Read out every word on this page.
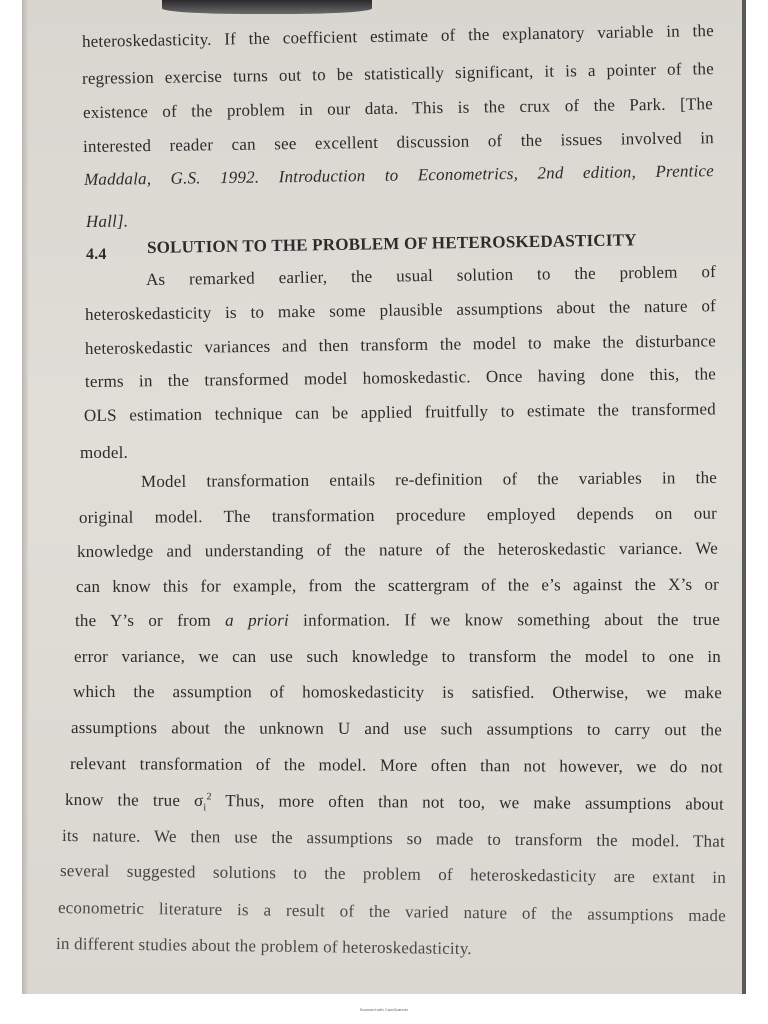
heteroskedasticity. If the coefficient estimate of the explanatory variable in the
regression exercise turns out to be statistically significant, it is a pointer of the
existence of the problem in our data. This is the crux of the Park. [The
interested reader can see excellent discussion of the issues involved in
Maddala, G.S. 1992. Introduction to Econometrics, 2nd edition, Prentice
Hall].
4.4 SOLUTION TO THE PROBLEM OF HETEROSKEDASTICITY
As remarked earlier, the usual solution to the problem of
heteroskedasticity is to make some plausible assumptions about the nature of
heteroskedastic variances and then transform the model to make the disturbance
terms in the transformed model homoskedastic. Once having done this, the
OLS estimation technique can be applied fruitfully to estimate the transformed
model.
Model transformation entails re-definition of the variables in the
original model. The transformation procedure employed depends on our
knowledge and understanding of the nature of the heteroskedastic variance. We
can know this for example, from the scattergram of the e’s against the X’s or
the Y’s or from a priori information. If we know something about the true
error variance, we can use such knowledge to transform the model to one in
which the assumption of homoskedasticity is satisfied. Otherwise, we make
assumptions about the unknown U and use such assumptions to carry out the
relevant transformation of the model. More often than not however, we do not
know the true $\sigma_i^2$ Thus, more often than not too, we make assumptions about
its nature. We then use the assumptions so made to transform the model. That
several suggested solutions to the problem of heteroskedasticity are extant in
econometric literature is a result of the varied nature of the assumptions made
in different studies about the problem of heteroskedasticity.
Scanned with CamScanner
